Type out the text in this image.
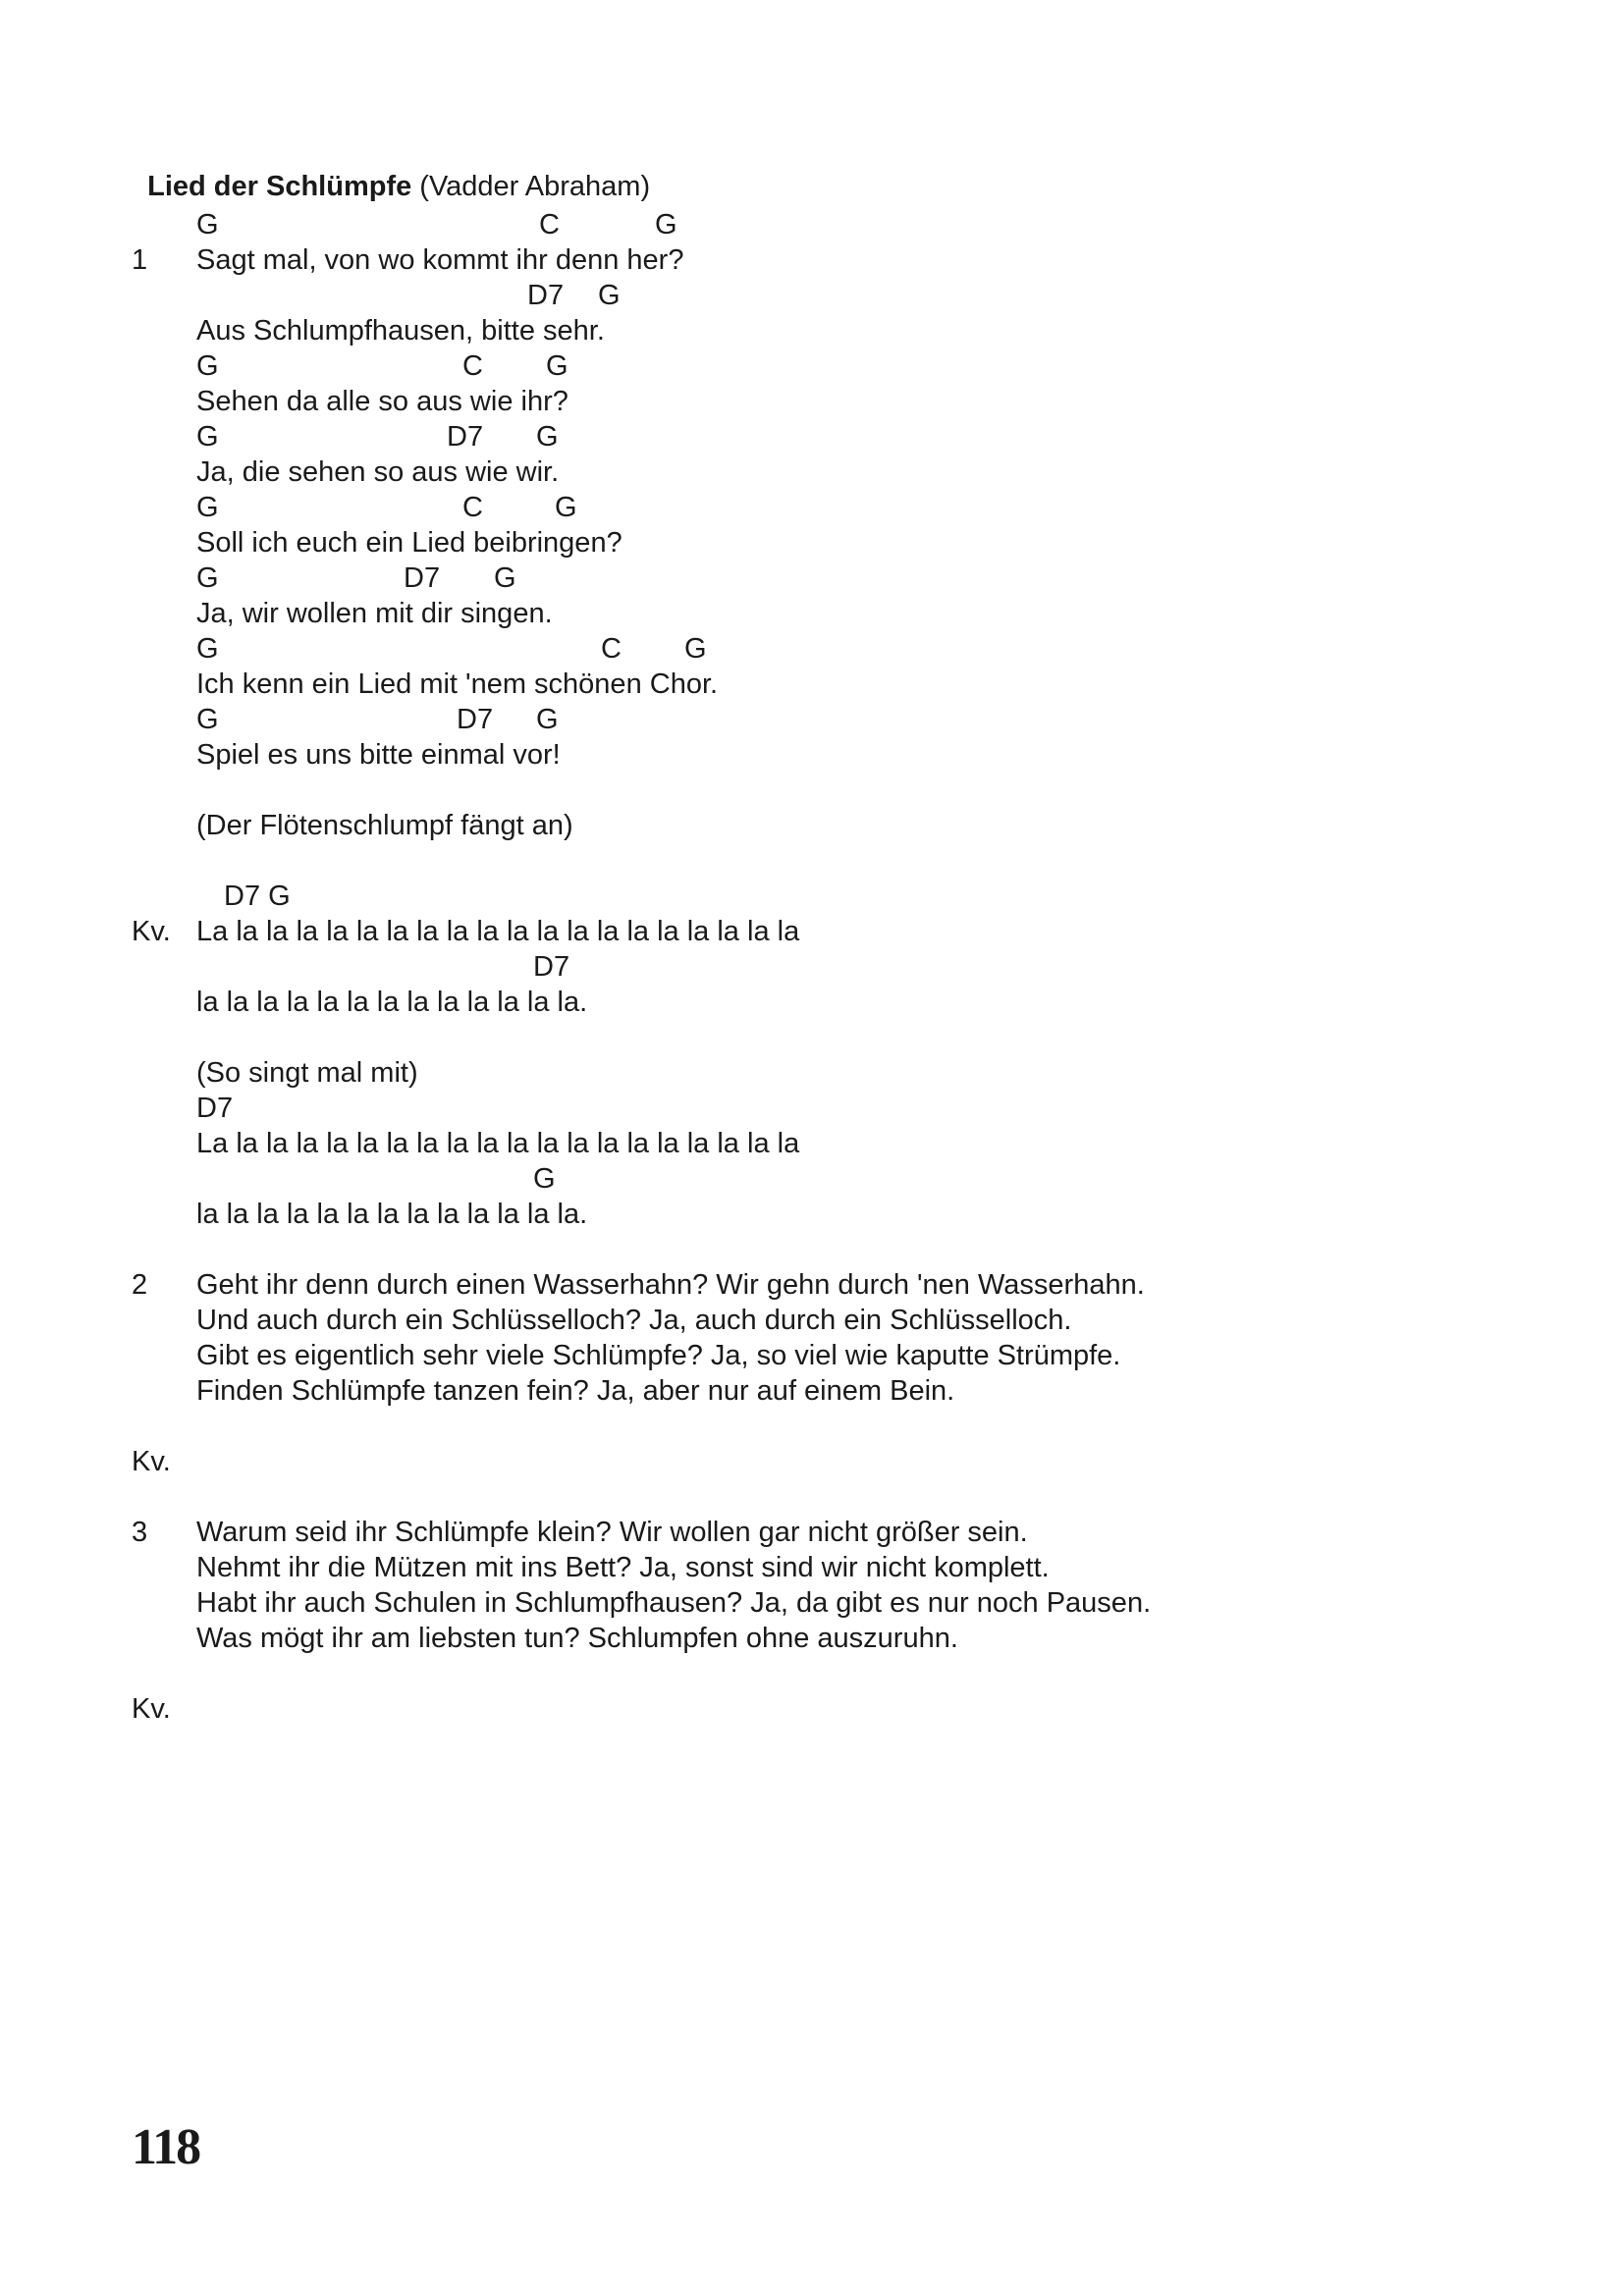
Lied der Schlümpfe (Vadder Abraham)

1
G	C	G
Sagt mal, von wo kommt ihr denn her?
D7 G
Aus Schlumpfhausen, bitte sehr.
G	C G
Sehen da alle so aus wie ihr?
G	D7 G
Ja, die sehen so aus wie wir.
G	C	G
Soll ich euch ein Lied beibringen?
G	D7 G
Ja, wir wollen mit dir singen.
G	C G
Ich kenn ein Lied mit 'nem schönen Chor.
G	D7 G
Spiel es uns bitte einmal vor!
(Der Flötenschlumpf fängt an)
D7 G
Kv. La la la la la la la la la la la la la la la la la la la la
D7
la la la la la la la la la la la la la.
(So singt mal mit)
D7
La la la la la la la la la la la la la la la la la la la la
G
la la la la la la la la la la la la la.
2 Geht ihr denn durch einen Wasserhahn? Wir gehn durch 'nen Wasserhahn.
Und auch durch ein Schlüsselloch? Ja, auch durch ein Schlüsselloch.
Gibt es eigentlich sehr viele Schlümpfe? Ja, so viel wie kaputte Strümpfe.
Finden Schlümpfe tanzen fein? Ja, aber nur auf einem Bein.
Kv.
3 Warum seid ihr Schlümpfe klein? Wir wollen gar nicht größer sein.
Nehmt ihr die Mützen mit ins Bett? Ja, sonst sind wir nicht komplett.
Habt ihr auch Schulen in Schlumpfhausen? Ja, da gibt es nur noch Pausen.
Was mögt ihr am liebsten tun? Schlumpfen ohne auszuruhn.
Kv.
118
